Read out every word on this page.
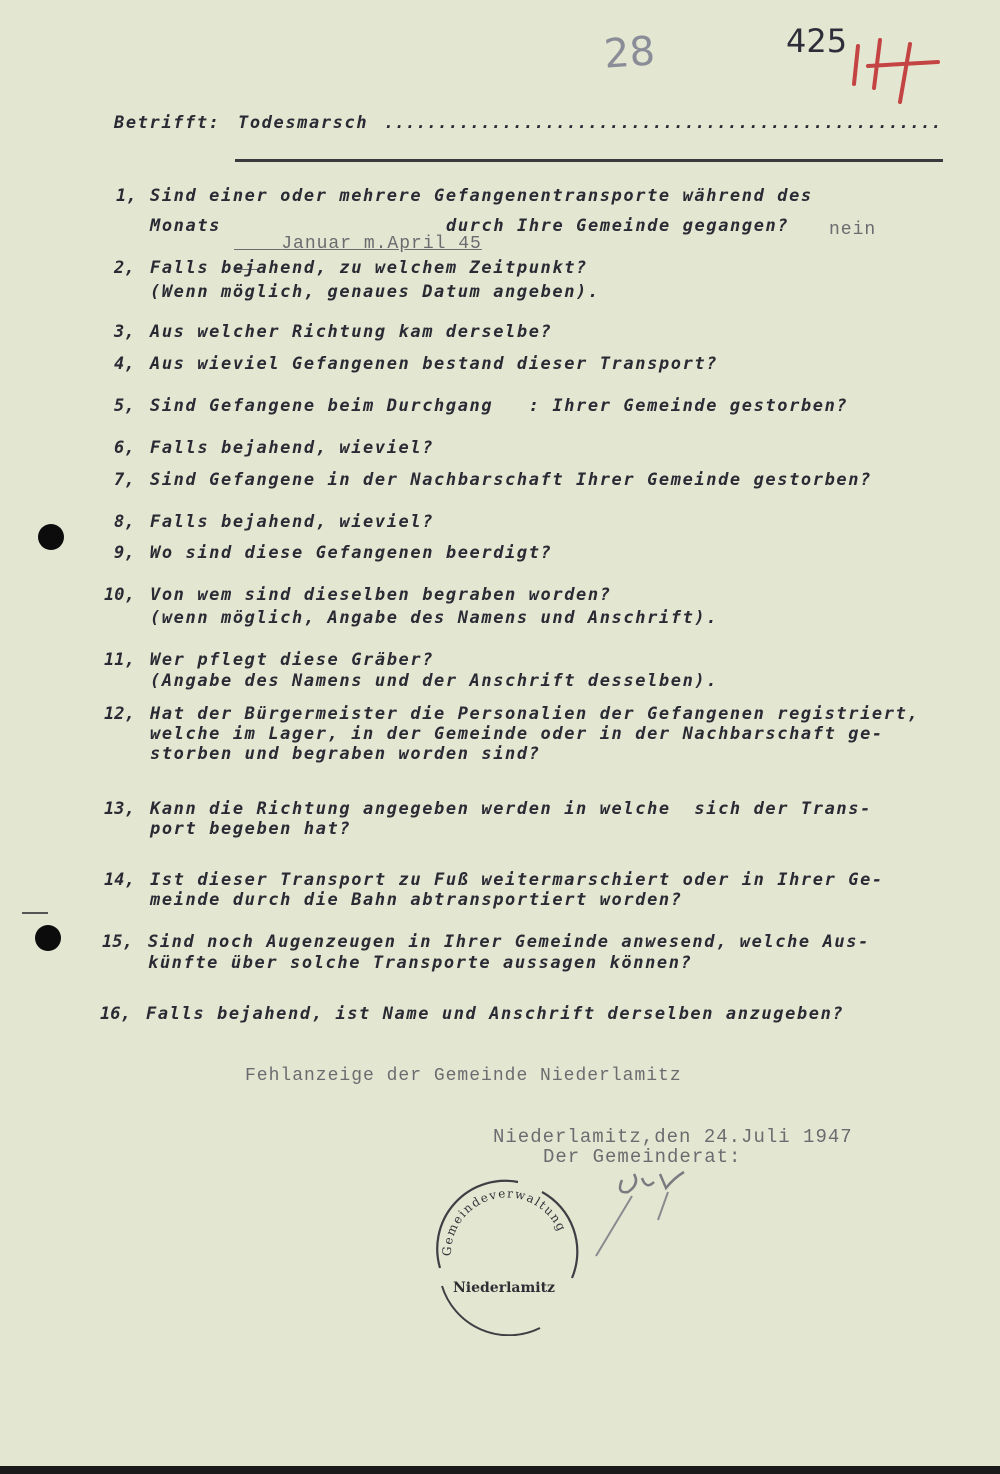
28	425
Betrifft: Todesmarsch ....................................................
1, Sind einer oder mehrere Gefangenentransporte während des
Monats

Januar m.April 45

durch Ihre Gemeinde gegangen? nein
2, Falls bejahend, zu welchem Zeitpunkt?
(Wenn möglich, genaues Datum angeben).
3, Aus welcher Richtung kam derselbe?
4, Aus wieviel Gefangenen bestand dieser Transport?
5, Sind Gefangene beim Durchgang   : Ihrer Gemeinde gestorben?
6, Falls bejahend, wieviel?
7, Sind Gefangene in der Nachbarschaft Ihrer Gemeinde gestorben?
8, Falls bejahend, wieviel?
9, Wo sind diese Gefangenen beerdigt?
10, Von wem sind dieselben begraben worden?
(wenn möglich, Angabe des Namens und Anschrift).
11, Wer pflegt diese Gräber?
(Angabe des Namens und der Anschrift desselben).
12, Hat der Bürgermeister die Personalien der Gefangenen registriert,
welche im Lager, in der Gemeinde oder in der Nachbarschaft ge-
storben und begraben worden sind?
13, Kann die Richtung angegeben werden in welche  sich der Trans-
port begeben hat?
14, Ist dieser Transport zu Fuß weitermarschiert oder in Ihrer Ge-
meinde durch die Bahn abtransportiert worden?
15, Sind noch Augenzeugen in Ihrer Gemeinde anwesend, welche Aus-
künfte über solche Transporte aussagen können?
16, Falls bejahend, ist Name und Anschrift derselben anzugeben?
Fehlanzeige der Gemeinde Niederlamitz
Niederlamitz,den 24.Juli 1947
Der Gemeinderat:
Gemeindeverwaltung
Niederlamitz
